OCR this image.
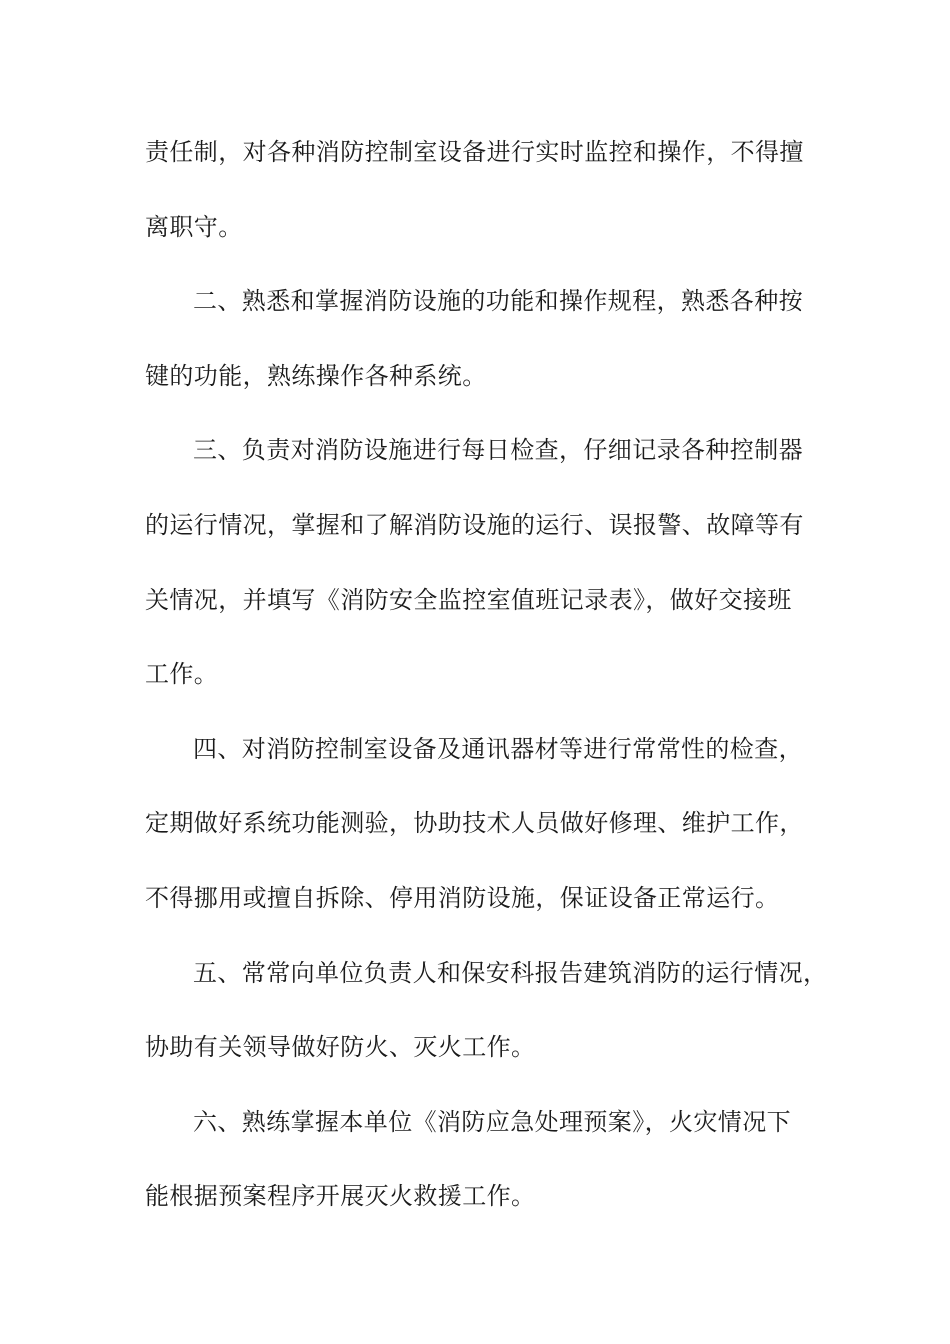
责任制，对各种消防控制室设备进行实时监控和操作，不得擅
离职守。
二、熟悉和掌握消防设施的功能和操作规程，熟悉各种按
键的功能，熟练操作各种系统。
三、负责对消防设施进行每日检查，仔细记录各种控制器
的运行情况，掌握和了解消防设施的运行、误报警、故障等有
关情况，并填写《消防安全监控室值班记录表》，做好交接班
工作。
四、对消防控制室设备及通讯器材等进行常常性的检查，
定期做好系统功能测验，协助技术人员做好修理、维护工作，
不得挪用或擅自拆除、停用消防设施，保证设备正常运行。
五、常常向单位负责人和保安科报告建筑消防的运行情况，
协助有关领导做好防火、灭火工作。
六、熟练掌握本单位《消防应急处理预案》，火灾情况下
能根据预案程序开展灭火救援工作。
